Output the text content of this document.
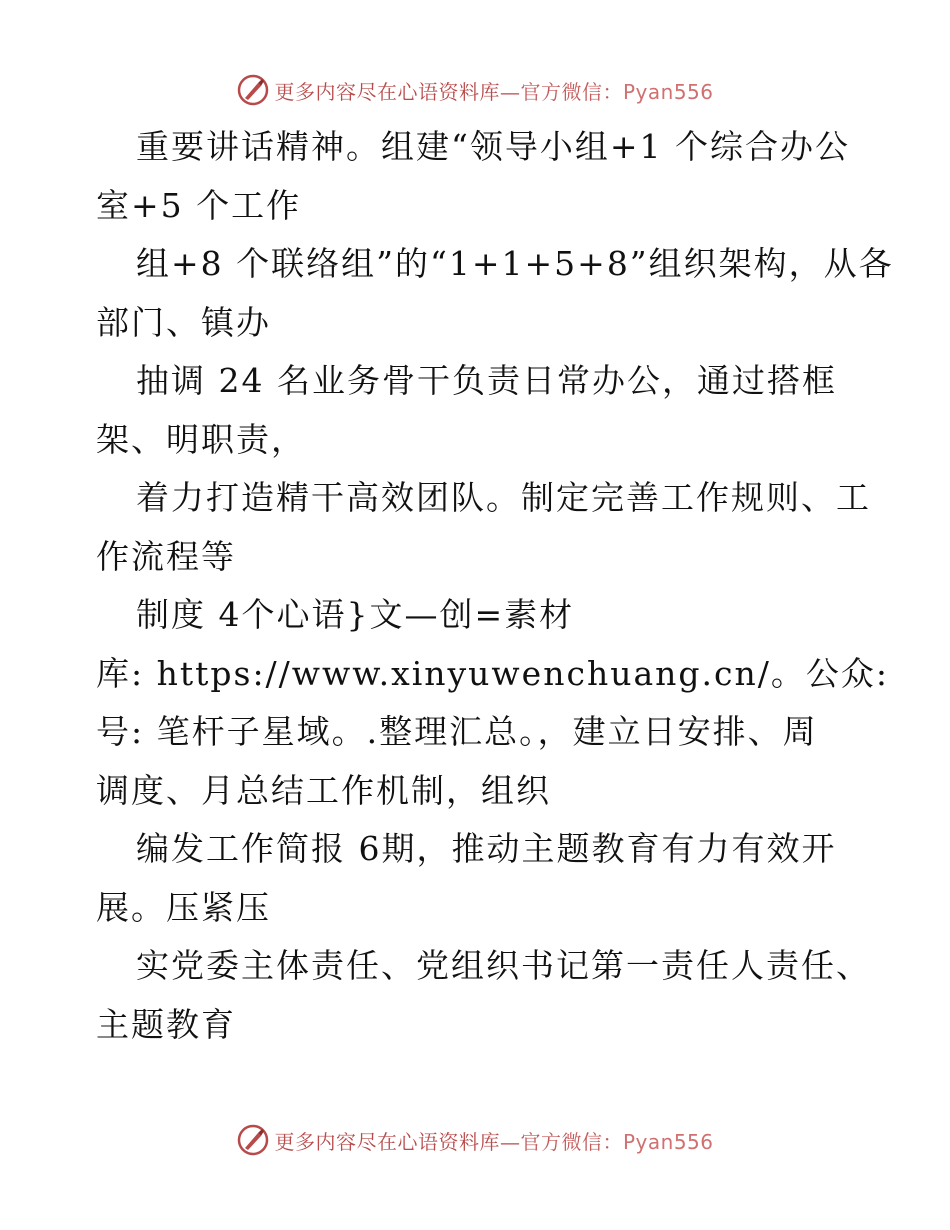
更多内容尽在心语资料库—官方微信：Pyan556
重要讲话精神。组建“领导小组+1 个综合办公
室+5 个工作
组+8 个联络组”的“1+1+5+8”组织架构，从各
部门、镇办
抽调 24 名业务骨干负责日常办公，通过搭框
架、明职责，
着力打造精干高效团队。制定完善工作规则、工
作流程等
制度 4个心语}文—创=素材
库: https://www.xinyuwenchuang.cn/。公众:
号: 笔杆子星域。.整理汇总。，建立日安排、周
调度、月总结工作机制，组织
编发工作简报 6期，推动主题教育有力有效开
展。压紧压
实党委主体责任、党组织书记第一责任人责任、
主题教育
更多内容尽在心语资料库—官方微信：Pyan556
